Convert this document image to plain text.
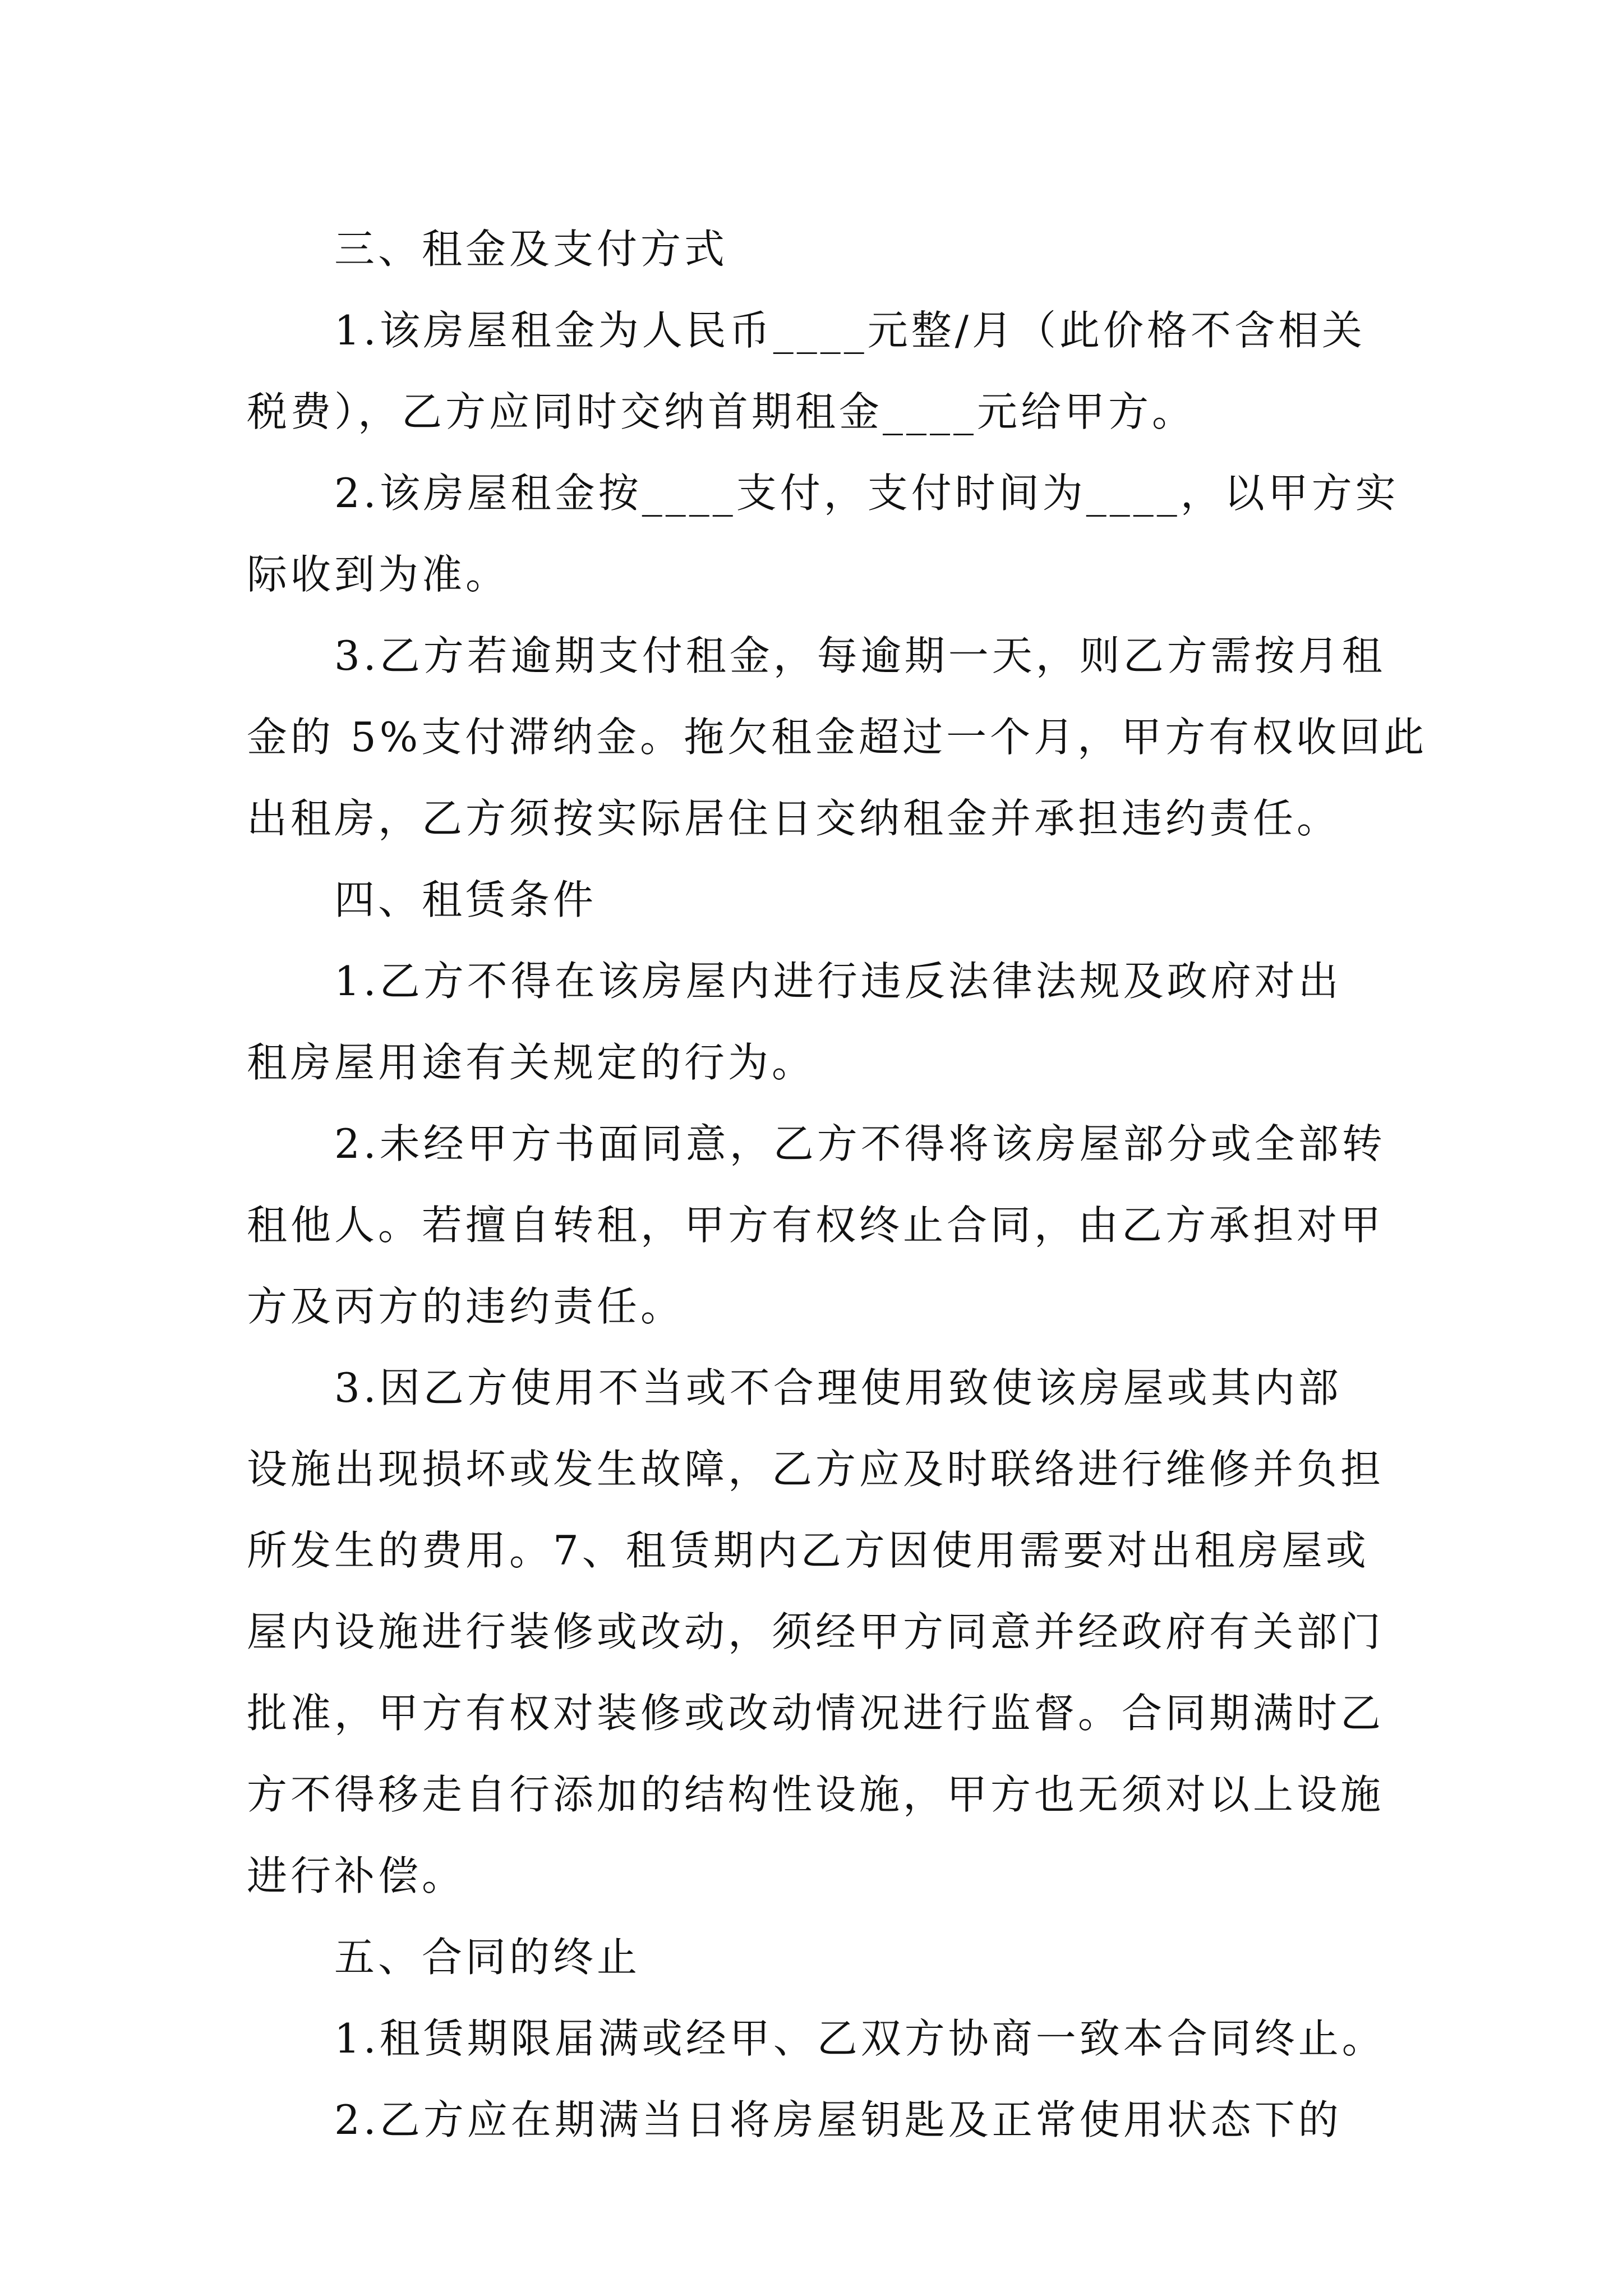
三、租金及支付方式
1.该房屋租金为人民币____元整/月（此价格不含相关
税费），乙方应同时交纳首期租金____元给甲方。
2.该房屋租金按____支付，支付时间为____，以甲方实
际收到为准。
3.乙方若逾期支付租金，每逾期一天，则乙方需按月租
金的 5%支付滞纳金。拖欠租金超过一个月，甲方有权收回此
出租房，乙方须按实际居住日交纳租金并承担违约责任。
四、租赁条件
1.乙方不得在该房屋内进行违反法律法规及政府对出
租房屋用途有关规定的行为。
2.未经甲方书面同意，乙方不得将该房屋部分或全部转
租他人。若擅自转租，甲方有权终止合同，由乙方承担对甲
方及丙方的违约责任。
3.因乙方使用不当或不合理使用致使该房屋或其内部
设施出现损坏或发生故障，乙方应及时联络进行维修并负担
所发生的费用。7、租赁期内乙方因使用需要对出租房屋或
屋内设施进行装修或改动，须经甲方同意并经政府有关部门
批准，甲方有权对装修或改动情况进行监督。合同期满时乙
方不得移走自行添加的结构性设施，甲方也无须对以上设施
进行补偿。
五、合同的终止
1.租赁期限届满或经甲、乙双方协商一致本合同终止。
2.乙方应在期满当日将房屋钥匙及正常使用状态下的
